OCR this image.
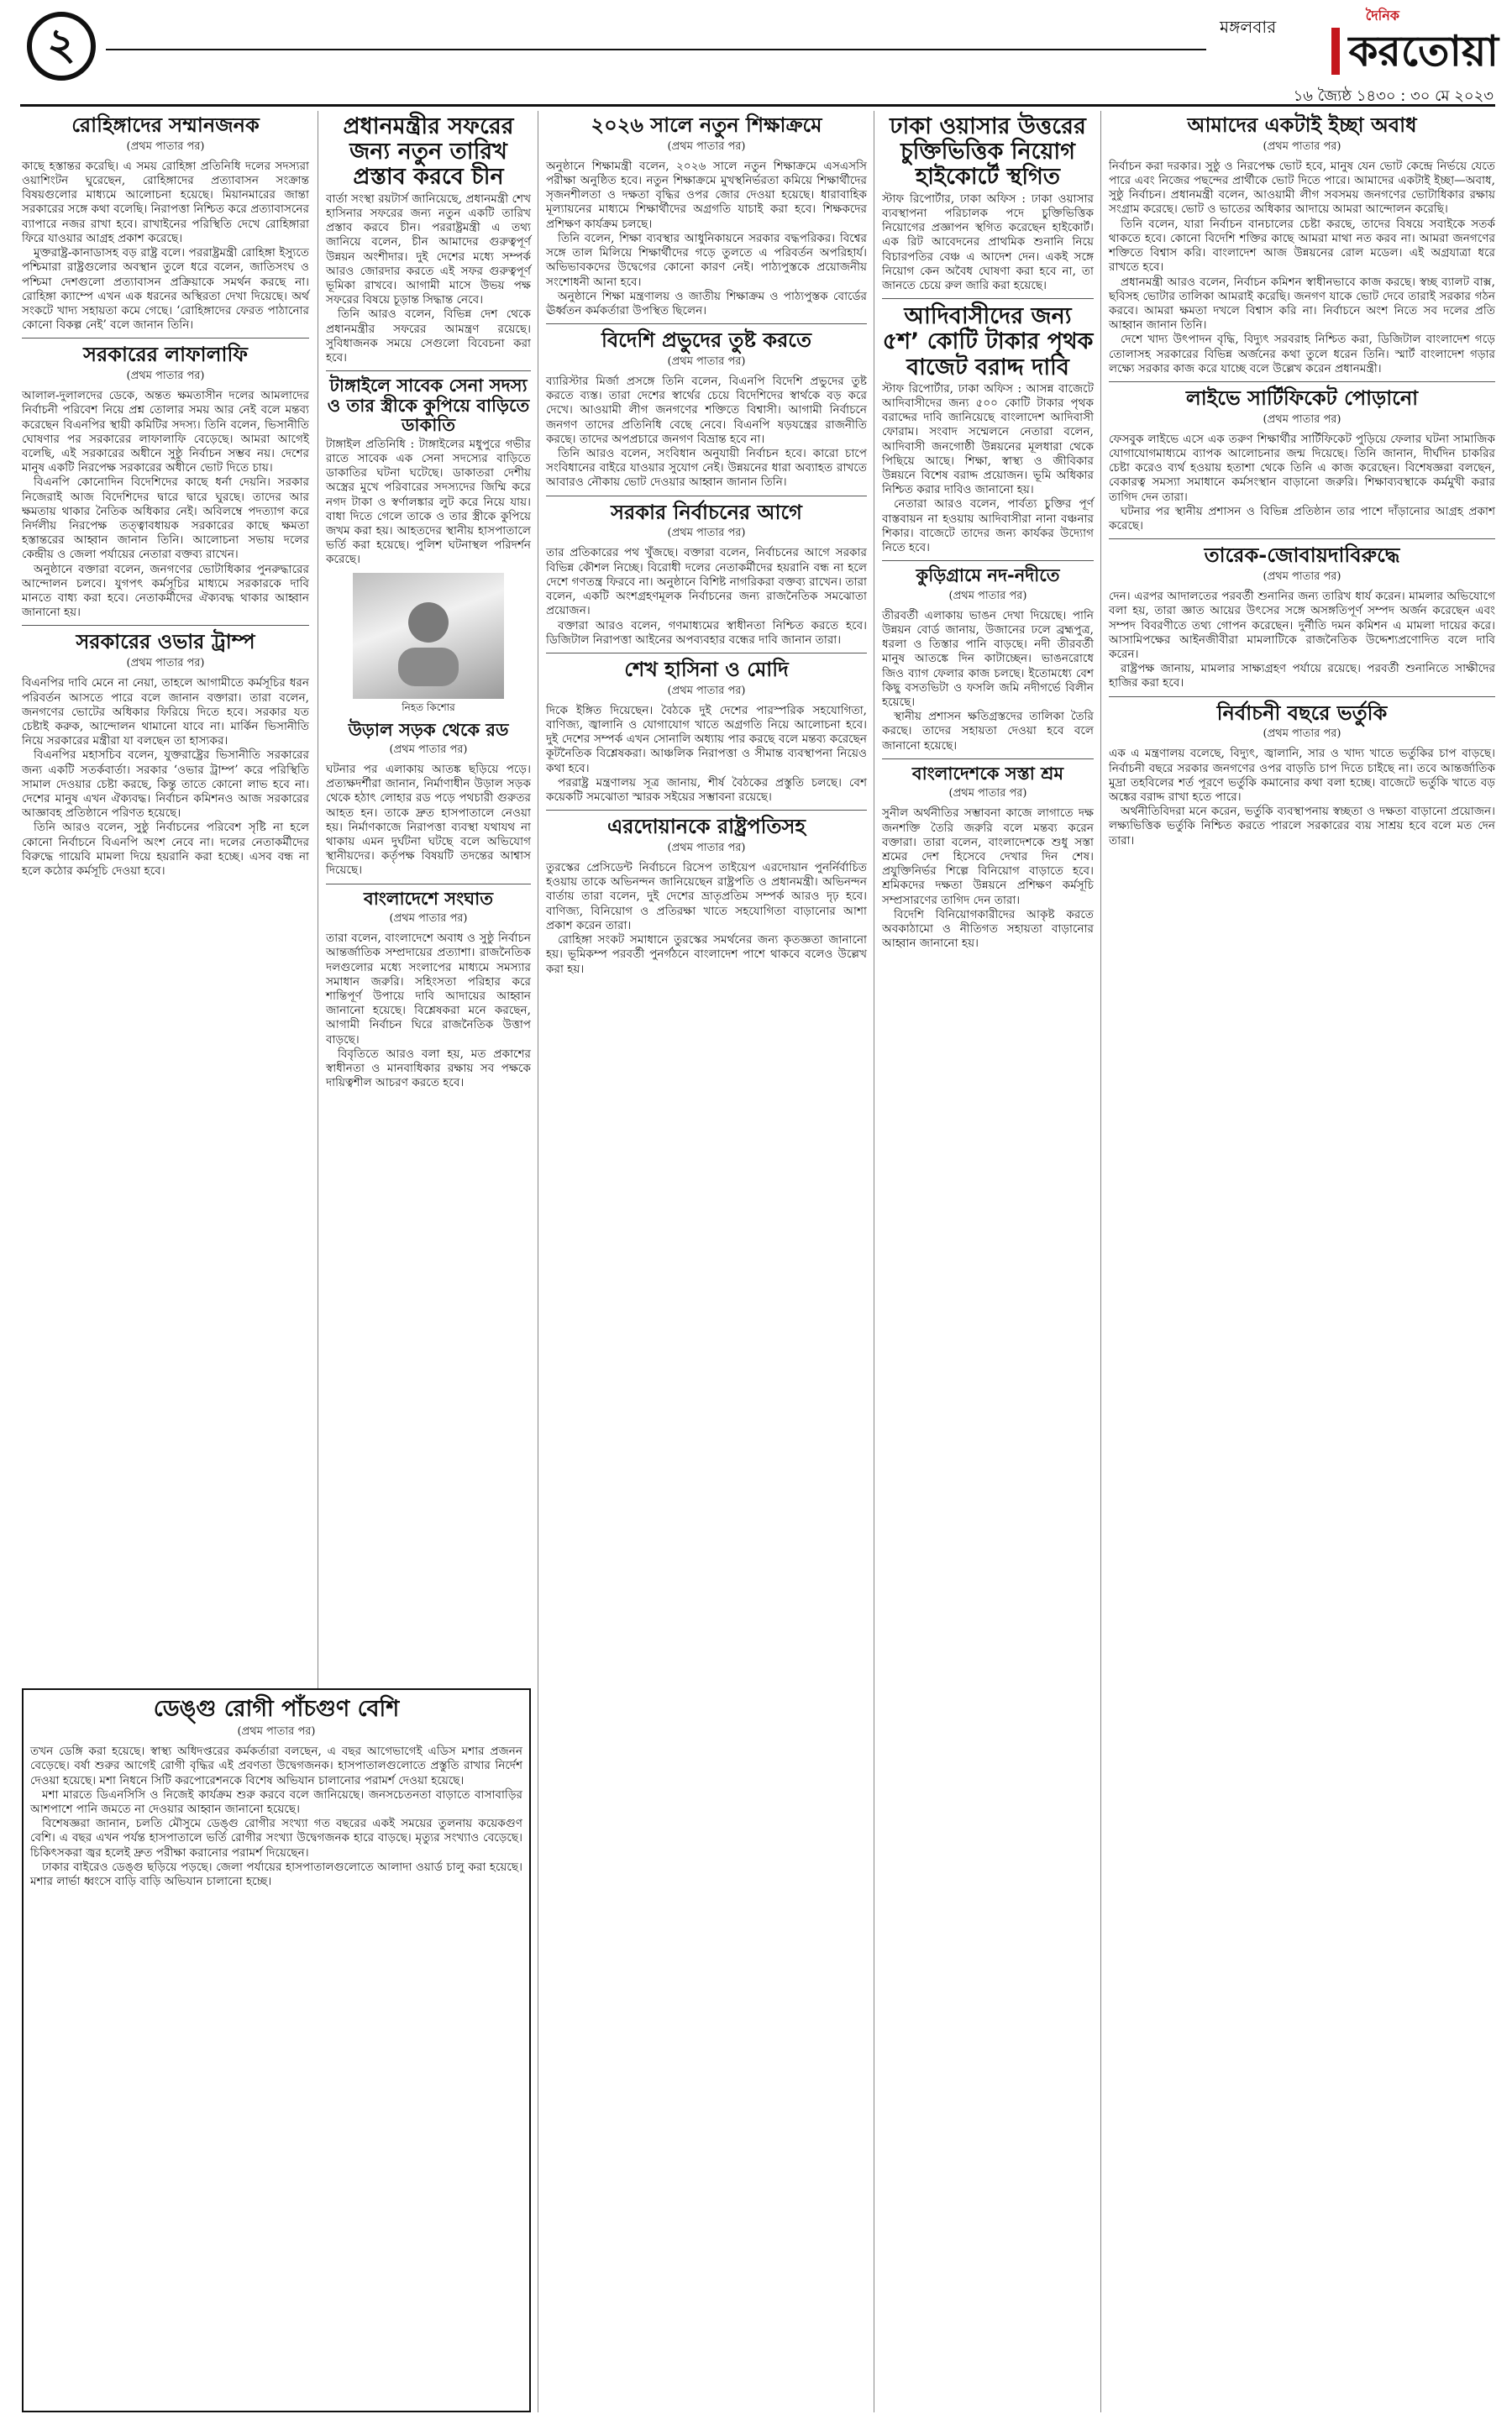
২	মঙ্গলবার
দৈনিক
করতোয়া
১৬ জ্যৈষ্ঠ ১৪৩০ : ৩০ মে ২০২৩
রোহিঙ্গাদের সম্মানজনক
(প্রথম পাতার পর)

কাছে হস্তান্তর করেছি। এ সময় রোহিঙ্গা প্রতিনিধি দলের সদস্যরা ওয়াশিংটন ঘুরেছেন, রোহিঙ্গাদের প্রত্যাবাসন সংক্রান্ত বিষয়গুলোর মাধ্যমে আলোচনা হয়েছে। মিয়ানমারের জান্তা সরকারের সঙ্গে কথা বলেছি। নিরাপত্তা নিশ্চিত করে প্রত্যাবাসনের ব্যাপারে নজর রাখা হবে। রাখাইনের পরিস্থিতি দেখে রোহিঙ্গারা ফিরে যাওয়ার আগ্রহ প্রকাশ করেছে।

মুক্তরাষ্ট্র-কানাডাসহ বড় রাষ্ট্র বলে। পররাষ্ট্রমন্ত্রী রোহিঙ্গা ইস্যুতে পশ্চিমারা রাষ্ট্রগুলোর অবস্থান তুলে ধরে বলেন, জাতিসংঘ ও পশ্চিমা দেশগুলো প্রত্যাবাসন প্রক্রিয়াকে সমর্থন করছে না। রোহিঙ্গা ক্যাম্পে এখন এক ধরনের অস্থিরতা দেখা দিয়েছে। অর্থ সংকটে খাদ্য সহায়তা কমে গেছে। ‘রোহিঙ্গাদের ফেরত পাঠানোর কোনো বিকল্প নেই’ বলে জানান তিনি।

সরকারের লাফালাফি
(প্রথম পাতার পর)

আলাল-দুলালদের ডেকে, অন্তত ক্ষমতাসীন দলের আমলাদের নির্বাচনী পরিবেশ নিয়ে প্রশ্ন তোলার সময় আর নেই বলে মন্তব্য করেছেন বিএনপির স্থায়ী কমিটির সদস্য। তিনি বলেন, ভিসানীতি ঘোষণার পর সরকারের লাফালাফি বেড়েছে। আমরা আগেই বলেছি, এই সরকারের অধীনে সুষ্ঠু নির্বাচন সম্ভব নয়। দেশের মানুষ একটি নিরপেক্ষ সরকারের অধীনে ভোট দিতে চায়।

বিএনপি কোনোদিন বিদেশিদের কাছে ধর্না দেয়নি। সরকার নিজেরাই আজ বিদেশিদের দ্বারে দ্বারে ঘুরছে। তাদের আর ক্ষমতায় থাকার নৈতিক অধিকার নেই। অবিলম্বে পদত্যাগ করে নির্দলীয় নিরপেক্ষ তত্ত্বাবধায়ক সরকারের কাছে ক্ষমতা হস্তান্তরের আহ্বান জানান তিনি। আলোচনা সভায় দলের কেন্দ্রীয় ও জেলা পর্যায়ের নেতারা বক্তব্য রাখেন।

অনুষ্ঠানে বক্তারা বলেন, জনগণের ভোটাধিকার পুনরুদ্ধারের আন্দোলন চলবে। যুগপৎ কর্মসূচির মাধ্যমে সরকারকে দাবি মানতে বাধ্য করা হবে। নেতাকর্মীদের ঐক্যবদ্ধ থাকার আহ্বান জানানো হয়।

সরকারের ওভার ট্রাম্প
(প্রথম পাতার পর)

বিএনপির দাবি মেনে না নেয়া, তাহলে আগামীতে কর্মসূচির ধরন পরিবর্তন আসতে পারে বলে জানান বক্তারা। তারা বলেন, জনগণের ভোটের অধিকার ফিরিয়ে দিতে হবে। সরকার যত চেষ্টাই করুক, আন্দোলন থামানো যাবে না। মার্কিন ভিসানীতি নিয়ে সরকারের মন্ত্রীরা যা বলছেন তা হাস্যকর।

বিএনপির মহাসচিব বলেন, যুক্তরাষ্ট্রের ভিসানীতি সরকারের জন্য একটি সতর্কবার্তা। সরকার ‘ওভার ট্রাম্প’ করে পরিস্থিতি সামাল দেওয়ার চেষ্টা করছে, কিন্তু তাতে কোনো লাভ হবে না। দেশের মানুষ এখন ঐক্যবদ্ধ। নির্বাচন কমিশনও আজ সরকারের আজ্ঞাবহ প্রতিষ্ঠানে পরিণত হয়েছে।

তিনি আরও বলেন, সুষ্ঠু নির্বাচনের পরিবেশ সৃষ্টি না হলে কোনো নির্বাচনে বিএনপি অংশ নেবে না। দলের নেতাকর্মীদের বিরুদ্ধে গায়েবি মামলা দিয়ে হয়রানি করা হচ্ছে। এসব বন্ধ না হলে কঠোর কর্মসূচি দেওয়া হবে।

ডেঙ্গু রোগী পাঁচগুণ বেশি
(প্রথম পাতার পর)

তখন ডেঙ্গি করা হয়েছে। স্বাস্থ্য অধিদপ্তরের কর্মকর্তারা বলছেন, এ বছর আগেভাগেই এডিস মশার প্রজনন বেড়েছে। বর্ষা শুরুর আগেই রোগী বৃদ্ধির এই প্রবণতা উদ্বেগজনক। হাসপাতালগুলোতে প্রস্তুতি রাখার নির্দেশ দেওয়া হয়েছে। মশা নিধনে সিটি করপোরেশনকে বিশেষ অভিযান চালানোর পরামর্শ দেওয়া হয়েছে।

মশা মারতে ডিএনসিসি ও নিজেই কার্যক্রম শুরু করবে বলে জানিয়েছে। জনসচেতনতা বাড়াতে বাসাবাড়ির আশপাশে পানি জমতে না দেওয়ার আহ্বান জানানো হয়েছে।

বিশেষজ্ঞরা জানান, চলতি মৌসুমে ডেঙ্গু রোগীর সংখ্যা গত বছরের একই সময়ের তুলনায় কয়েকগুণ বেশি। এ বছর এখন পর্যন্ত হাসপাতালে ভর্তি রোগীর সংখ্যা উদ্বেগজনক হারে বাড়ছে। মৃত্যুর সংখ্যাও বেড়েছে। চিকিৎসকরা জ্বর হলেই দ্রুত পরীক্ষা করানোর পরামর্শ দিয়েছেন।

ঢাকার বাইরেও ডেঙ্গু ছড়িয়ে পড়ছে। জেলা পর্যায়ের হাসপাতালগুলোতে আলাদা ওয়ার্ড চালু করা হয়েছে। মশার লার্ভা ধ্বংসে বাড়ি বাড়ি অভিযান চালানো হচ্ছে।

প্রধানমন্ত্রীর সফরের জন্য নতুন তারিখ প্রস্তাব করবে চীন

বার্তা সংস্থা রয়টার্স জানিয়েছে, প্রধানমন্ত্রী শেখ হাসিনার সফরের জন্য নতুন একটি তারিখ প্রস্তাব করবে চীন। পররাষ্ট্রমন্ত্রী এ তথ্য জানিয়ে বলেন, চীন আমাদের গুরুত্বপূর্ণ উন্নয়ন অংশীদার। দুই দেশের মধ্যে সম্পর্ক আরও জোরদার করতে এই সফর গুরুত্বপূর্ণ ভূমিকা রাখবে। আগামী মাসে উভয় পক্ষ সফরের বিষয়ে চূড়ান্ত সিদ্ধান্ত নেবে।

তিনি আরও বলেন, বিভিন্ন দেশ থেকে প্রধানমন্ত্রীর সফরের আমন্ত্রণ রয়েছে। সুবিধাজনক সময়ে সেগুলো বিবেচনা করা হবে।

টাঙ্গাইলে সাবেক সেনা সদস্য ও তার স্ত্রীকে কুপিয়ে বাড়িতে ডাকাতি

টাঙ্গাইল প্রতিনিধি : টাঙ্গাইলের মধুপুরে গভীর রাতে সাবেক এক সেনা সদস্যের বাড়িতে ডাকাতির ঘটনা ঘটেছে। ডাকাতরা দেশীয় অস্ত্রের মুখে পরিবারের সদস্যদের জিম্মি করে নগদ টাকা ও স্বর্ণালঙ্কার লুট করে নিয়ে যায়। বাধা দিতে গেলে তাকে ও তার স্ত্রীকে কুপিয়ে জখম করা হয়। আহতদের স্থানীয় হাসপাতালে ভর্তি করা হয়েছে। পুলিশ ঘটনাস্থল পরিদর্শন করেছে।

নিহত কিশোর
উড়াল সড়ক থেকে রড
(প্রথম পাতার পর)

ঘটনার পর এলাকায় আতঙ্ক ছড়িয়ে পড়ে। প্রত্যক্ষদর্শীরা জানান, নির্মাণাধীন উড়াল সড়ক থেকে হঠাৎ লোহার রড পড়ে পথচারী গুরুতর আহত হন। তাকে দ্রুত হাসপাতালে নেওয়া হয়। নির্মাণকাজে নিরাপত্তা ব্যবস্থা যথাযথ না থাকায় এমন দুর্ঘটনা ঘটছে বলে অভিযোগ স্থানীয়দের। কর্তৃপক্ষ বিষয়টি তদন্তের আশ্বাস দিয়েছে।

বাংলাদেশে সংঘাত
(প্রথম পাতার পর)

তারা বলেন, বাংলাদেশে অবাধ ও সুষ্ঠু নির্বাচন আন্তর্জাতিক সম্প্রদায়ের প্রত্যাশা। রাজনৈতিক দলগুলোর মধ্যে সংলাপের মাধ্যমে সমস্যার সমাধান জরুরি। সহিংসতা পরিহার করে শান্তিপূর্ণ উপায়ে দাবি আদায়ের আহ্বান জানানো হয়েছে। বিশ্লেষকরা মনে করছেন, আগামী নির্বাচন ঘিরে রাজনৈতিক উত্তাপ বাড়ছে।

বিবৃতিতে আরও বলা হয়, মত প্রকাশের স্বাধীনতা ও মানবাধিকার রক্ষায় সব পক্ষকে দায়িত্বশীল আচরণ করতে হবে।

২০২৬ সালে নতুন শিক্ষাক্রমে
(প্রথম পাতার পর)

অনুষ্ঠানে শিক্ষামন্ত্রী বলেন, ২০২৬ সালে নতুন শিক্ষাক্রমে এসএসসি পরীক্ষা অনুষ্ঠিত হবে। নতুন শিক্ষাক্রমে মুখস্থনির্ভরতা কমিয়ে শিক্ষার্থীদের সৃজনশীলতা ও দক্ষতা বৃদ্ধির ওপর জোর দেওয়া হয়েছে। ধারাবাহিক মূল্যায়নের মাধ্যমে শিক্ষার্থীদের অগ্রগতি যাচাই করা হবে। শিক্ষকদের প্রশিক্ষণ কার্যক্রম চলছে।

তিনি বলেন, শিক্ষা ব্যবস্থার আধুনিকায়নে সরকার বদ্ধপরিকর। বিশ্বের সঙ্গে তাল মিলিয়ে শিক্ষার্থীদের গড়ে তুলতে এ পরিবর্তন অপরিহার্য। অভিভাবকদের উদ্বেগের কোনো কারণ নেই। পাঠ্যপুস্তকে প্রয়োজনীয় সংশোধনী আনা হবে।

অনুষ্ঠানে শিক্ষা মন্ত্রণালয় ও জাতীয় শিক্ষাক্রম ও পাঠ্যপুস্তক বোর্ডের ঊর্ধ্বতন কর্মকর্তারা উপস্থিত ছিলেন।

বিদেশি প্রভুদের তুষ্ট করতে
(প্রথম পাতার পর)

ব্যারিস্টার মির্জা প্রসঙ্গে তিনি বলেন, বিএনপি বিদেশি প্রভুদের তুষ্ট করতে ব্যস্ত। তারা দেশের স্বার্থের চেয়ে বিদেশিদের স্বার্থকে বড় করে দেখে। আওয়ামী লীগ জনগণের শক্তিতে বিশ্বাসী। আগামী নির্বাচনে জনগণ তাদের প্রতিনিধি বেছে নেবে। বিএনপি ষড়যন্ত্রের রাজনীতি করছে। তাদের অপপ্রচারে জনগণ বিভ্রান্ত হবে না।

তিনি আরও বলেন, সংবিধান অনুযায়ী নির্বাচন হবে। কারো চাপে সংবিধানের বাইরে যাওয়ার সুযোগ নেই। উন্নয়নের ধারা অব্যাহত রাখতে আবারও নৌকায় ভোট দেওয়ার আহ্বান জানান তিনি।

সরকার নির্বাচনের আগে
(প্রথম পাতার পর)

তার প্রতিকারের পথ খুঁজছে। বক্তারা বলেন, নির্বাচনের আগে সরকার বিভিন্ন কৌশল নিচ্ছে। বিরোধী দলের নেতাকর্মীদের হয়রানি বন্ধ না হলে দেশে গণতন্ত্র ফিরবে না। অনুষ্ঠানে বিশিষ্ট নাগরিকরা বক্তব্য রাখেন। তারা বলেন, একটি অংশগ্রহণমূলক নির্বাচনের জন্য রাজনৈতিক সমঝোতা প্রয়োজন।

বক্তারা আরও বলেন, গণমাধ্যমের স্বাধীনতা নিশ্চিত করতে হবে। ডিজিটাল নিরাপত্তা আইনের অপব্যবহার বন্ধের দাবি জানান তারা।

শেখ হাসিনা ও মোদি
(প্রথম পাতার পর)

দিকে ইঙ্গিত দিয়েছেন। বৈঠকে দুই দেশের পারস্পরিক সহযোগিতা, বাণিজ্য, জ্বালানি ও যোগাযোগ খাতে অগ্রগতি নিয়ে আলোচনা হবে। দুই দেশের সম্পর্ক এখন সোনালি অধ্যায় পার করছে বলে মন্তব্য করেছেন কূটনৈতিক বিশ্লেষকরা। আঞ্চলিক নিরাপত্তা ও সীমান্ত ব্যবস্থাপনা নিয়েও কথা হবে।

পররাষ্ট্র মন্ত্রণালয় সূত্র জানায়, শীর্ষ বৈঠকের প্রস্তুতি চলছে। বেশ কয়েকটি সমঝোতা স্মারক সইয়ের সম্ভাবনা রয়েছে।

এরদোয়ানকে রাষ্ট্রপতিসহ
(প্রথম পাতার পর)

তুরস্কের প্রেসিডেন্ট নির্বাচনে রিসেপ তাইয়েপ এরদোয়ান পুনর্নির্বাচিত হওয়ায় তাকে অভিনন্দন জানিয়েছেন রাষ্ট্রপতি ও প্রধানমন্ত্রী। অভিনন্দন বার্তায় তারা বলেন, দুই দেশের ভ্রাতৃপ্রতিম সম্পর্ক আরও দৃঢ় হবে। বাণিজ্য, বিনিয়োগ ও প্রতিরক্ষা খাতে সহযোগিতা বাড়ানোর আশা প্রকাশ করেন তারা।

রোহিঙ্গা সংকট সমাধানে তুরস্কের সমর্থনের জন্য কৃতজ্ঞতা জানানো হয়। ভূমিকম্প পরবর্তী পুনর্গঠনে বাংলাদেশ পাশে থাকবে বলেও উল্লেখ করা হয়।

ঢাকা ওয়াসার উত্তরের চুক্তিভিত্তিক নিয়োগ হাইকোর্টে স্থগিত

স্টাফ রিপোর্টার, ঢাকা অফিস : ঢাকা ওয়াসার ব্যবস্থাপনা পরিচালক পদে চুক্তিভিত্তিক নিয়োগের প্রজ্ঞাপন স্থগিত করেছেন হাইকোর্ট। এক রিট আবেদনের প্রাথমিক শুনানি নিয়ে বিচারপতির বেঞ্চ এ আদেশ দেন। একই সঙ্গে নিয়োগ কেন অবৈধ ঘোষণা করা হবে না, তা জানতে চেয়ে রুল জারি করা হয়েছে।

আদিবাসীদের জন্য ৫শ’ কোটি টাকার পৃথক বাজেট বরাদ্দ দাবি

স্টাফ রিপোর্টার, ঢাকা অফিস : আসন্ন বাজেটে আদিবাসীদের জন্য ৫০০ কোটি টাকার পৃথক বরাদ্দের দাবি জানিয়েছে বাংলাদেশ আদিবাসী ফোরাম। সংবাদ সম্মেলনে নেতারা বলেন, আদিবাসী জনগোষ্ঠী উন্নয়নের মূলধারা থেকে পিছিয়ে আছে। শিক্ষা, স্বাস্থ্য ও জীবিকার উন্নয়নে বিশেষ বরাদ্দ প্রয়োজন। ভূমি অধিকার নিশ্চিত করার দাবিও জানানো হয়।

নেতারা আরও বলেন, পার্বত্য চুক্তির পূর্ণ বাস্তবায়ন না হওয়ায় আদিবাসীরা নানা বঞ্চনার শিকার। বাজেটে তাদের জন্য কার্যকর উদ্যোগ নিতে হবে।

কুড়িগ্রামে নদ-নদীতে
(প্রথম পাতার পর)

তীরবর্তী এলাকায় ভাঙন দেখা দিয়েছে। পানি উন্নয়ন বোর্ড জানায়, উজানের ঢলে ব্রহ্মপুত্র, ধরলা ও তিস্তার পানি বাড়ছে। নদী তীরবর্তী মানুষ আতঙ্কে দিন কাটাচ্ছেন। ভাঙনরোধে জিও ব্যাগ ফেলার কাজ চলছে। ইতোমধ্যে বেশ কিছু বসতভিটা ও ফসলি জমি নদীগর্ভে বিলীন হয়েছে।

স্থানীয় প্রশাসন ক্ষতিগ্রস্তদের তালিকা তৈরি করছে। তাদের সহায়তা দেওয়া হবে বলে জানানো হয়েছে।

বাংলাদেশকে সস্তা শ্রম
(প্রথম পাতার পর)

সুনীল অর্থনীতির সম্ভাবনা কাজে লাগাতে দক্ষ জনশক্তি তৈরি জরুরি বলে মন্তব্য করেন বক্তারা। তারা বলেন, বাংলাদেশকে শুধু সস্তা শ্রমের দেশ হিসেবে দেখার দিন শেষ। প্রযুক্তিনির্ভর শিল্পে বিনিয়োগ বাড়াতে হবে। শ্রমিকদের দক্ষতা উন্নয়নে প্রশিক্ষণ কর্মসূচি সম্প্রসারণের তাগিদ দেন তারা।

বিদেশি বিনিয়োগকারীদের আকৃষ্ট করতে অবকাঠামো ও নীতিগত সহায়তা বাড়ানোর আহ্বান জানানো হয়।

আমাদের একটাই ইচ্ছা অবাধ
(প্রথম পাতার পর)

নির্বাচন করা দরকার। সুষ্ঠু ও নিরপেক্ষ ভোট হবে, মানুষ যেন ভোট কেন্দ্রে নির্ভয়ে যেতে পারে এবং নিজের পছন্দের প্রার্থীকে ভোট দিতে পারে। আমাদের একটাই ইচ্ছা—অবাধ, সুষ্ঠু নির্বাচন। প্রধানমন্ত্রী বলেন, আওয়ামী লীগ সবসময় জনগণের ভোটাধিকার রক্ষায় সংগ্রাম করেছে। ভোট ও ভাতের অধিকার আদায়ে আমরা আন্দোলন করেছি।

তিনি বলেন, যারা নির্বাচন বানচালের চেষ্টা করছে, তাদের বিষয়ে সবাইকে সতর্ক থাকতে হবে। কোনো বিদেশি শক্তির কাছে আমরা মাথা নত করব না। আমরা জনগণের শক্তিতে বিশ্বাস করি। বাংলাদেশ আজ উন্নয়নের রোল মডেল। এই অগ্রযাত্রা ধরে রাখতে হবে।

প্রধানমন্ত্রী আরও বলেন, নির্বাচন কমিশন স্বাধীনভাবে কাজ করছে। স্বচ্ছ ব্যালট বাক্স, ছবিসহ ভোটার তালিকা আমরাই করেছি। জনগণ যাকে ভোট দেবে তারাই সরকার গঠন করবে। আমরা ক্ষমতা দখলে বিশ্বাস করি না। নির্বাচনে অংশ নিতে সব দলের প্রতি আহ্বান জানান তিনি।

দেশে খাদ্য উৎপাদন বৃদ্ধি, বিদ্যুৎ সরবরাহ নিশ্চিত করা, ডিজিটাল বাংলাদেশ গড়ে তোলাসহ সরকারের বিভিন্ন অর্জনের কথা তুলে ধরেন তিনি। স্মার্ট বাংলাদেশ গড়ার লক্ষ্যে সরকার কাজ করে যাচ্ছে বলে উল্লেখ করেন প্রধানমন্ত্রী।

লাইভে সার্টিফিকেট পোড়ানো
(প্রথম পাতার পর)

ফেসবুক লাইভে এসে এক তরুণ শিক্ষার্থীর সার্টিফিকেট পুড়িয়ে ফেলার ঘটনা সামাজিক যোগাযোগমাধ্যমে ব্যাপক আলোচনার জন্ম দিয়েছে। তিনি জানান, দীর্ঘদিন চাকরির চেষ্টা করেও ব্যর্থ হওয়ায় হতাশা থেকে তিনি এ কাজ করেছেন। বিশেষজ্ঞরা বলছেন, বেকারত্ব সমস্যা সমাধানে কর্মসংস্থান বাড়ানো জরুরি। শিক্ষাব্যবস্থাকে কর্মমুখী করার তাগিদ দেন তারা।

ঘটনার পর স্থানীয় প্রশাসন ও বিভিন্ন প্রতিষ্ঠান তার পাশে দাঁড়ানোর আগ্রহ প্রকাশ করেছে।

তারেক-জোবায়দাবিরুদ্ধে
(প্রথম পাতার পর)

দেন। এরপর আদালতের পরবর্তী শুনানির জন্য তারিখ ধার্য করেন। মামলার অভিযোগে বলা হয়, তারা জ্ঞাত আয়ের উৎসের সঙ্গে অসঙ্গতিপূর্ণ সম্পদ অর্জন করেছেন এবং সম্পদ বিবরণীতে তথ্য গোপন করেছেন। দুর্নীতি দমন কমিশন এ মামলা দায়ের করে। আসামিপক্ষের আইনজীবীরা মামলাটিকে রাজনৈতিক উদ্দেশ্যপ্রণোদিত বলে দাবি করেন।

রাষ্ট্রপক্ষ জানায়, মামলার সাক্ষ্যগ্রহণ পর্যায়ে রয়েছে। পরবর্তী শুনানিতে সাক্ষীদের হাজির করা হবে।

নির্বাচনী বছরে ভর্তুকি
(প্রথম পাতার পর)

এক এ মন্ত্রণালয় বলেছে, বিদ্যুৎ, জ্বালানি, সার ও খাদ্য খাতে ভর্তুকির চাপ বাড়ছে। নির্বাচনী বছরে সরকার জনগণের ওপর বাড়তি চাপ দিতে চাইছে না। তবে আন্তর্জাতিক মুদ্রা তহবিলের শর্ত পূরণে ভর্তুকি কমানোর কথা বলা হচ্ছে। বাজেটে ভর্তুকি খাতে বড় অঙ্কের বরাদ্দ রাখা হতে পারে।

অর্থনীতিবিদরা মনে করেন, ভর্তুকি ব্যবস্থাপনায় স্বচ্ছতা ও দক্ষতা বাড়ানো প্রয়োজন। লক্ষ্যভিত্তিক ভর্তুকি নিশ্চিত করতে পারলে সরকারের ব্যয় সাশ্রয় হবে বলে মত দেন তারা।
